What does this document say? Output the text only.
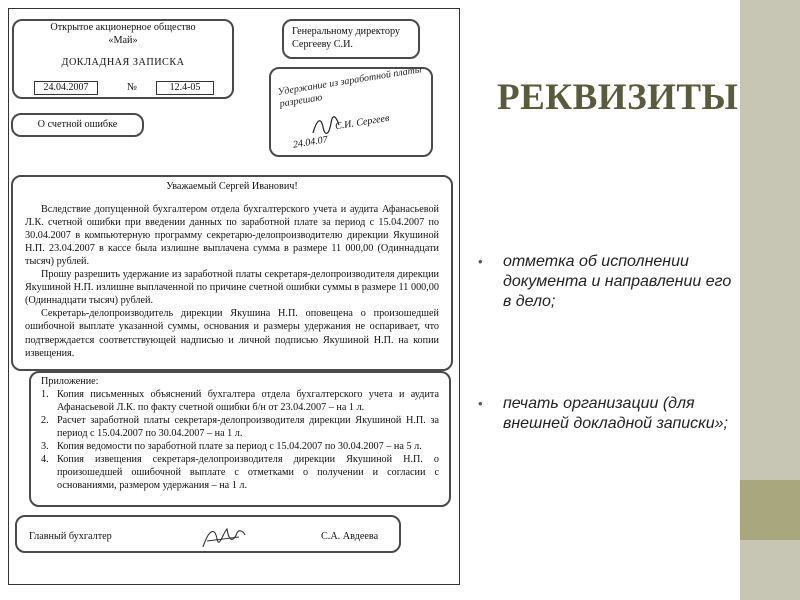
Открытое акционерное общество
«Май»
ДОКЛАДНАЯ ЗАПИСКА
24.04.2007	№	12.4-05
Генеральному директору
Сергееву С.И.
Удержание из заработной платы разрешаю
С.И. Сергеев
24.04.07
О счетной ошибке
Уважаемый Сергей Иванович!

Вследствие допущенной бухгалтером отдела бухгалтерского учета и аудита Афанасьевой Л.К. счетной ошибки при введении данных по заработной плате за период с 15.04.2007 по 30.04.2007 в компьютерную программу секретарю-делопроизводителю дирекции Якушиной Н.П. 23.04.2007 в кассе была излишне выплачена сумма в размере 11 000,00 (Одиннадцати тысяч) рублей.

Прошу разрешить удержание из заработной платы секретаря-делопроизводителя дирекции Якушиной Н.П. излишне выплаченной по причине счетной ошибки суммы в размере 11 000,00 (Одиннадцати тысяч) рублей.

Секретарь-делопроизводитель дирекции Якушина Н.П. оповещена о произошедшей ошибочной выплате указанной суммы, основания и размеры удержания не оспаривает, что подтверждается соответствующей надписью и личной подписью Якушиной Н.П. на копии извещения.

Приложение:
1. Копия письменных объяснений бухгалтера отдела бухгалтерского учета и аудита Афанасьевой Л.К. по факту счетной ошибки б/н от 23.04.2007 – на 1 л.
2. Расчет заработной платы секретаря-делопроизводителя дирекции Якушиной Н.П. за период с 15.04.2007 по 30.04.2007 – на 1 л.
3. Копия ведомости по заработной плате за период с 15.04.2007 по 30.04.2007 – на 5 л.
4. Копия извещения секретаря-делопроизводителя дирекции Якушиной Н.П. о произошедшей ошибочной выплате с отметками о получении и согласии с основаниями, размером удержания – на 1 л.
Главный бухгалтер	С.А. Авдеева
РЕКВИЗИТЫ
• отметка об исполнении документа и направлении его в дело;
• печать организации (для внешней докладной записки»;
